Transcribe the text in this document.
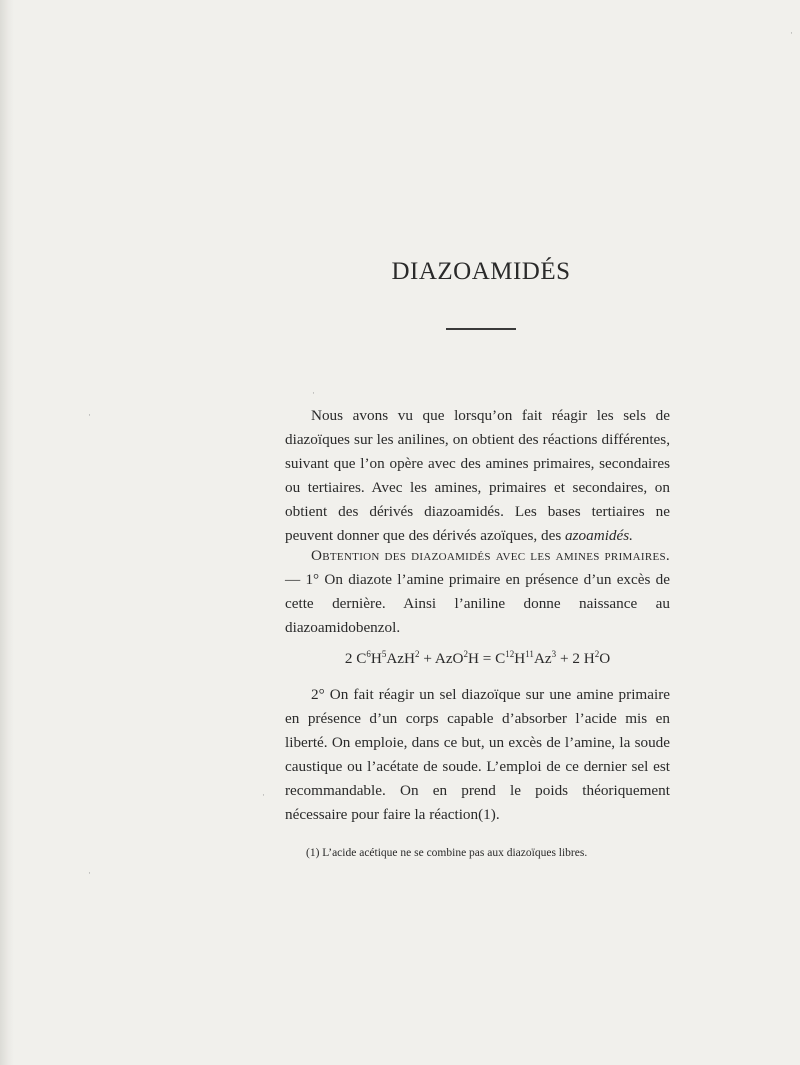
DIAZOAMIDÉS

Nous avons vu que lorsqu’on fait réagir les sels de diazoïques sur les anilines, on obtient des réactions différentes, suivant que l’on opère avec des amines primaires, secondaires ou tertiaires. Avec les amines, primaires et secondaires, on obtient des dérivés diazoamidés. Les bases tertiaires ne peuvent donner que des dérivés azoïques, des azoamidés.

Obtention des diazoamidés avec les amines primaires. — 1° On diazote l’amine primaire en présence d’un excès de cette dernière. Ainsi l’aniline donne naissance au diazoamidobenzol.

2 $C^6H^5AzH^2 + AzO^2H = C^{12}H^{11}Az^3 + 2$ $H^2O$

2° On fait réagir un sel diazoïque sur une amine primaire en présence d’un corps capable d’absorber l’acide mis en liberté. On emploie, dans ce but, un excès de l’amine, la soude caustique ou l’acétate de soude. L’emploi de ce dernier sel est recommandable. On en prend le poids théoriquement nécessaire pour faire la réaction(1).

(1) L’acide acétique ne se combine pas aux diazoïques libres.
·
·
·
·
·
